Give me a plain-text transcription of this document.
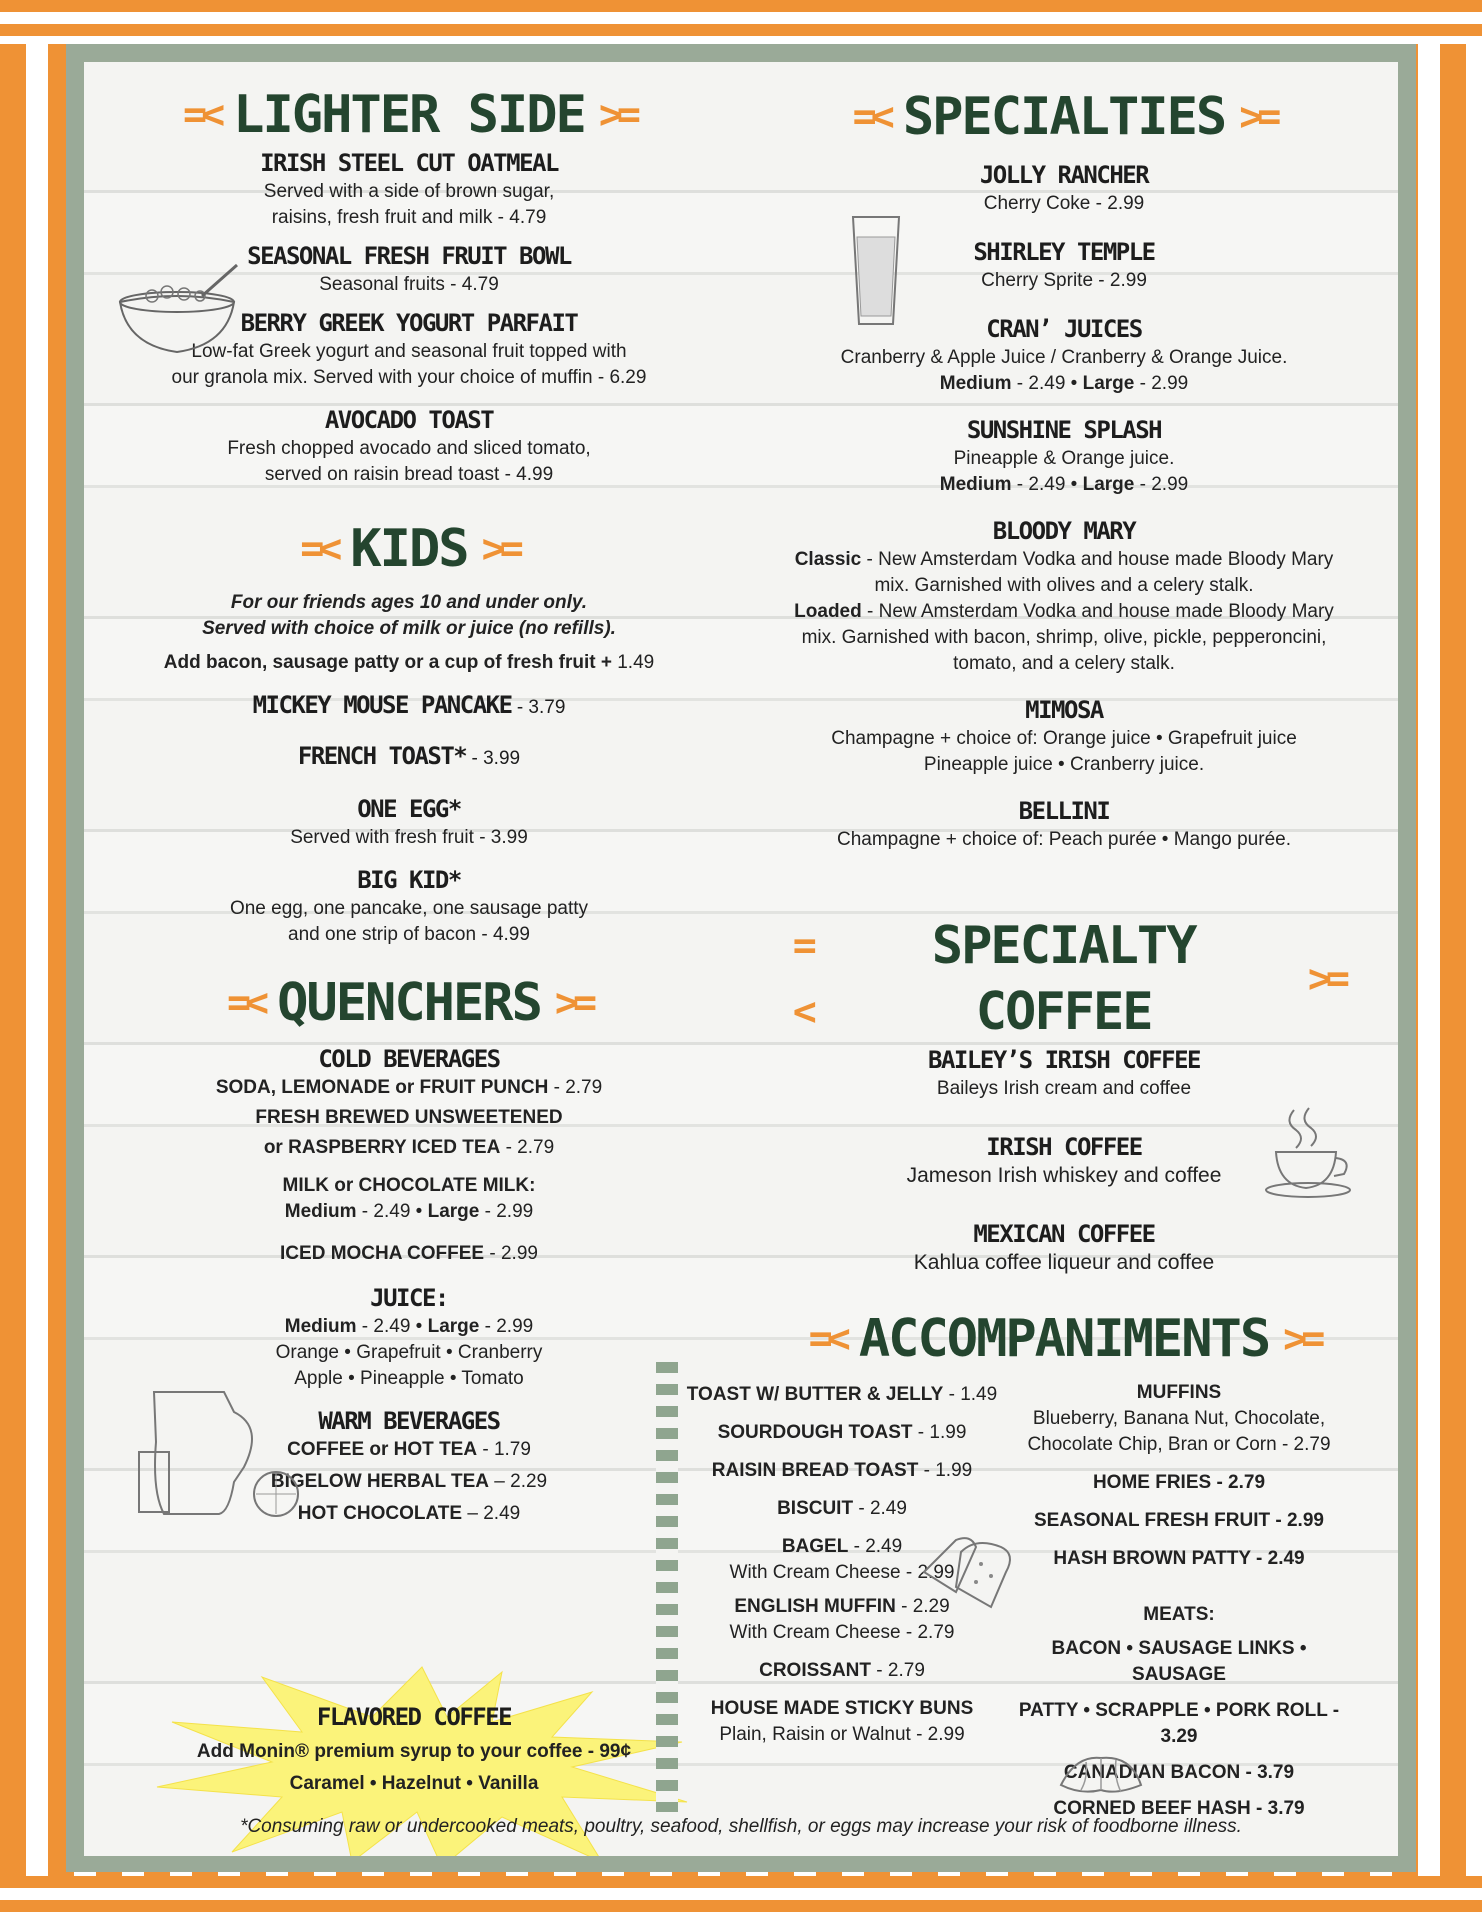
=< LIGHTER SIDE >=
IRISH STEEL CUT OATMEAL
Served with a side of brown sugar,
raisins, fresh fruit and milk - 4.79
SEASONAL FRESH FRUIT BOWL
Seasonal fruits - 4.79
BERRY GREEK YOGURT PARFAIT
Low-fat Greek yogurt and seasonal fruit topped with
our granola mix. Served with your choice of muffin - 6.29
AVOCADO TOAST
Fresh chopped avocado and sliced tomato,
served on raisin bread toast - 4.99
=< KIDS >=
For our friends ages 10 and under only.
Served with choice of milk or juice (no refills).
Add bacon, sausage patty or a cup of fresh fruit + 1.49
MICKEY MOUSE PANCAKE - 3.79
FRENCH TOAST* - 3.99
ONE EGG*
Served with fresh fruit - 3.99
BIG KID*
One egg, one pancake, one sausage patty
and one strip of bacon - 4.99
=< QUENCHERS >=
COLD BEVERAGES
SODA, LEMONADE or FRUIT PUNCH - 2.79
FRESH BREWED UNSWEETENED
or RASPBERRY ICED TEA - 2.79
MILK or CHOCOLATE MILK:
Medium - 2.49 • Large - 2.99
ICED MOCHA COFFEE - 2.99
JUICE:
Medium - 2.49 • Large - 2.99
Orange • Grapefruit • Cranberry
Apple • Pineapple • Tomato
WARM BEVERAGES
COFFEE or HOT TEA - 1.79
BIGELOW HERBAL TEA – 2.29
HOT CHOCOLATE – 2.49
FLAVORED COFFEE
Add Monin® premium syrup to your coffee - 99¢
Caramel • Hazelnut • Vanilla
=< SPECIALTIES >=
JOLLY RANCHER
Cherry Coke - 2.99
SHIRLEY TEMPLE
Cherry Sprite - 2.99
CRAN’ JUICES
Cranberry & Apple Juice / Cranberry & Orange Juice.
Medium - 2.49 • Large - 2.99
SUNSHINE SPLASH
Pineapple & Orange juice.
Medium - 2.49 • Large - 2.99
BLOODY MARY
Classic - New Amsterdam Vodka and house made Bloody Mary
mix. Garnished with olives and a celery stalk.
Loaded - New Amsterdam Vodka and house made Bloody Mary
mix. Garnished with bacon, shrimp, olive, pickle, pepperoncini,
tomato, and a celery stalk.
MIMOSA
Champagne + choice of: Orange juice • Grapefruit juice
Pineapple juice • Cranberry juice.
BELLINI
Champagne + choice of: Peach purée • Mango purée.
=<
SPECIALTY COFFEE
>=
BAILEY’S IRISH COFFEE
Baileys Irish cream and coffee
IRISH COFFEE
Jameson Irish whiskey and coffee
MEXICAN COFFEE
Kahlua coffee liqueur and coffee
=< ACCOMPANIMENTS >=
TOAST W/ BUTTER & JELLY - 1.49
SOURDOUGH TOAST - 1.99
RAISIN BREAD TOAST - 1.99
BISCUIT - 2.49
BAGEL - 2.49
With Cream Cheese - 2.99
ENGLISH MUFFIN - 2.29
With Cream Cheese - 2.79
CROISSANT - 2.79
HOUSE MADE STICKY BUNS
Plain, Raisin or Walnut - 2.99
MUFFINS
Blueberry, Banana Nut, Chocolate,
Chocolate Chip, Bran or Corn - 2.79
HOME FRIES - 2.79
SEASONAL FRESH FRUIT - 2.99
HASH BROWN PATTY - 2.49
MEATS:
BACON • SAUSAGE LINKS • SAUSAGE
PATTY • SCRAPPLE • PORK ROLL - 3.29
CANADIAN BACON - 3.79
CORNED BEEF HASH - 3.79
*Consuming raw or undercooked meats, poultry, seafood, shellfish, or eggs may increase your risk of foodborne illness.
